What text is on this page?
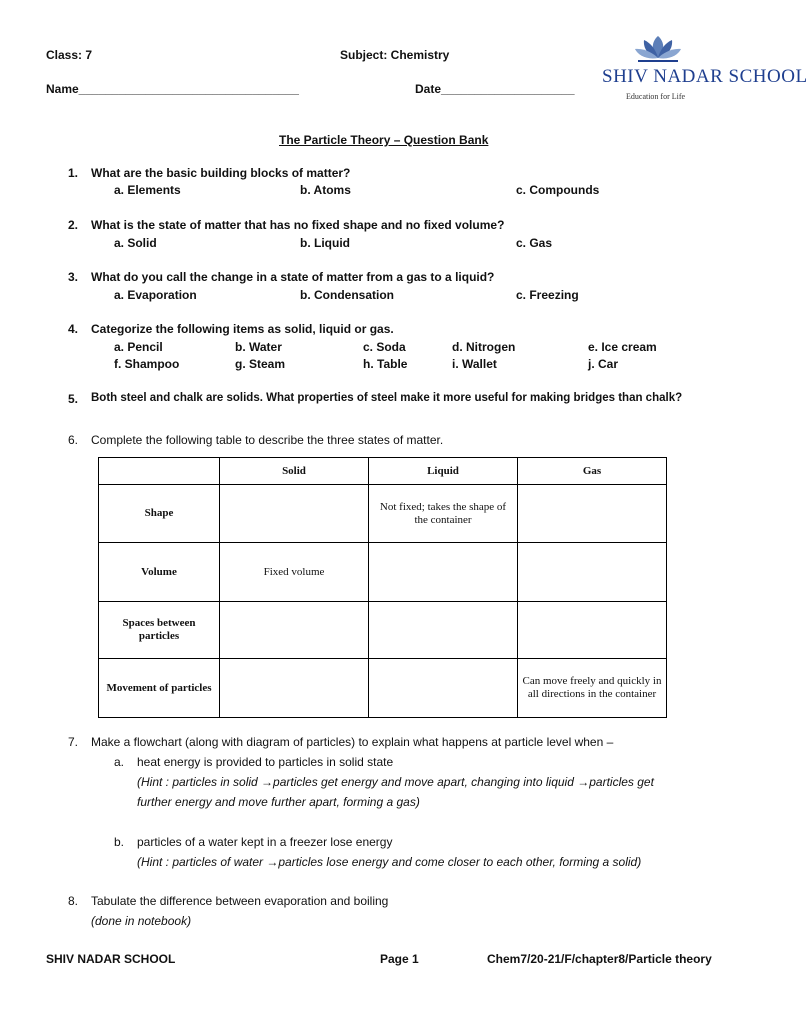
Class: 7	Subject: Chemistry
Name_________________________________	Date____________________
SHIV NADAR SCHOOL
Education for Life
The Particle Theory – Question Bank
1. What are the basic building blocks of matter?
a. Elements	b. Atoms	c. Compounds
2. What is the state of matter that has no fixed shape and no fixed volume?
a. Solid	b. Liquid	c. Gas
3. What do you call the change in a state of matter from a gas to a liquid?
a. Evaporation	b. Condensation	c. Freezing
4. Categorize the following items as solid, liquid or gas.
a. Pencil	b. Water	c. Soda	d. Nitrogen	e. Ice cream
f. Shampoo	g. Steam	h. Table	i. Wallet	j. Car
5. Both steel and chalk are solids. What properties of steel make it more useful for making bridges than chalk?
6. Complete the following table to describe the three states of matter.
	Solid	Liquid	Gas
Shape		Not fixed; takes the shape of the container	
Volume	Fixed volume		
Spaces between particles			
Movement of particles			Can move freely and quickly in all directions in the container
7. Make a flowchart (along with diagram of particles) to explain what happens at particle level when –
a. heat energy is provided to particles in solid state
(Hint : particles in solid →particles get energy and move apart, changing into liquid →particles get
further energy and move further apart, forming a gas)
b. particles of a water kept in a freezer lose energy
(Hint : particles of water →particles lose energy and come closer to each other, forming a solid)
8. Tabulate the difference between evaporation and boiling
(done in notebook)
SHIV NADAR SCHOOL	Page 1	Chem7/20-21/F/chapter8/Particle theory
